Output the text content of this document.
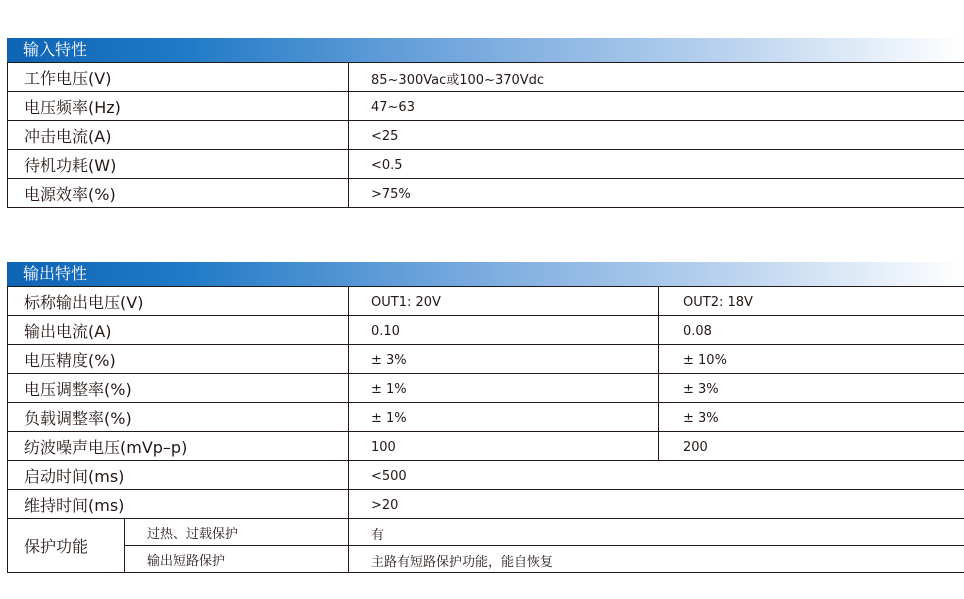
输入特性
工作电压(V)	85~300Vac或100~370Vdc
电压频率(Hz)	47~63
冲击电流(A)	<25
待机功耗(W)	<0.5
电源效率(%)	>75%
输出特性
标称输出电压(V)		OUT1: 20V	OUT2: 18V
输出电流(A)		0.10	0.08
电压精度(%)		± 3%	± 10%
电压调整率(%)		± 1%	± 3%
负载调整率(%)		± 1%	± 3%
纺波噪声电压(mVp–p)		100	200
启动时间(ms)		<500	
维持时间(ms)		>20	
保护功能	过热、过载保护	有	
	输出短路保护	主路有短路保护功能，能自恢复	
